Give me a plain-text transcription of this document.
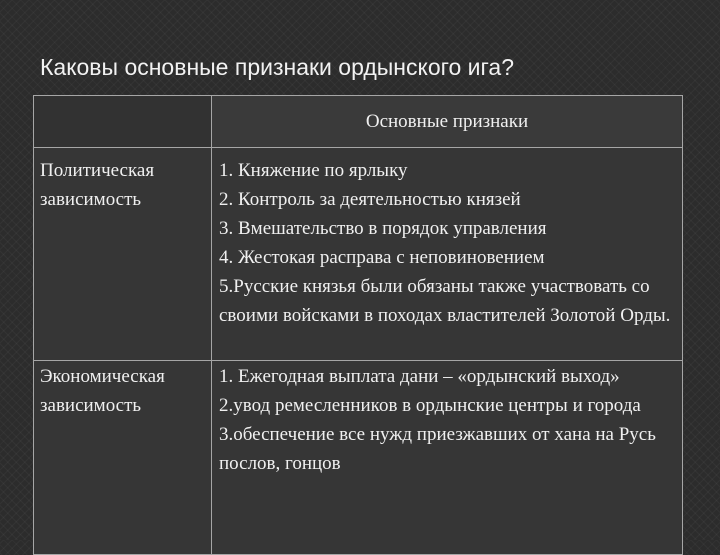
Каковы основные признаки ордынского ига?
	Основные признаки

Политическая
зависимость	1. Княжение по ярлыку
2. Контроль за деятельностью князей
3. Вмешательство в порядок управления
4. Жестокая расправа с неповиновением
5.Русские князья были обязаны также участвовать со своими войсками в походах властителей Золотой Орды.

Экономическая
зависимость	1. Ежегодная выплата дани – «ордынский выход»
2.увод ремесленников в ордынские центры и города
3.обеспечение все нужд приезжавших от хана на Русь послов, гонцов
